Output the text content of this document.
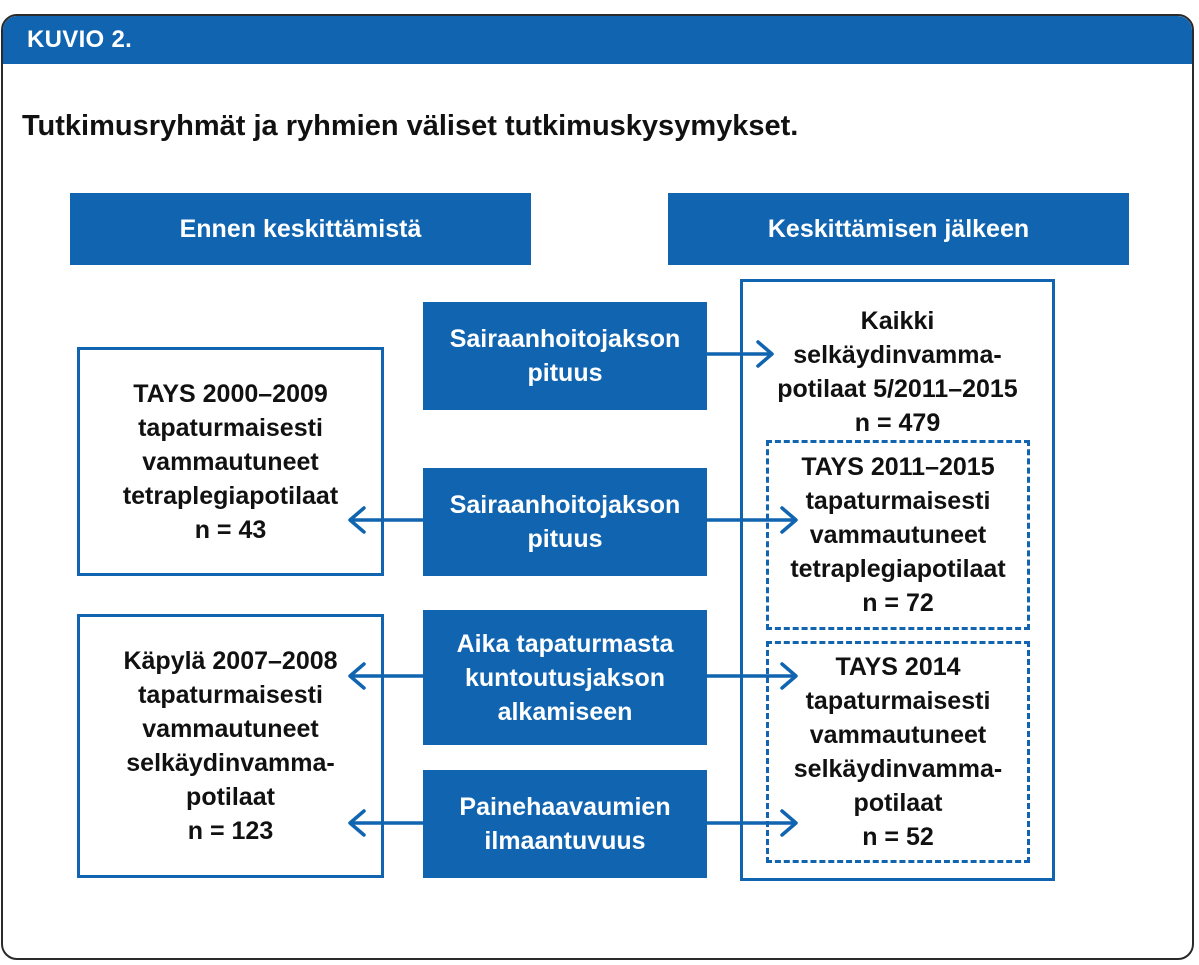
KUVIO 2.
Tutkimusryhmät ja ryhmien väliset tutkimuskysymykset.
Ennen keskittämistä	Keskittämisen jälkeen
TAYS 2000–2009
tapaturmaisesti
vammautuneet
tetraplegiapotilaat
n = 43
Käpylä 2007–2008
tapaturmaisesti
vammautuneet
selkäydinvamma-
potilaat
n = 123
Sairaanhoitojakson
pituus
Sairaanhoitojakson
pituus
Aika tapaturmasta
kuntoutusjakson
alkamiseen
Painehaavaumien
ilmaantuvuus
Kaikki
selkäydinvamma-
potilaat 5/2011–2015
n = 479
TAYS 2011–2015
tapaturmaisesti
vammautuneet
tetraplegiapotilaat
n = 72
TAYS 2014
tapaturmaisesti
vammautuneet
selkäydinvamma-
potilaat
n = 52
